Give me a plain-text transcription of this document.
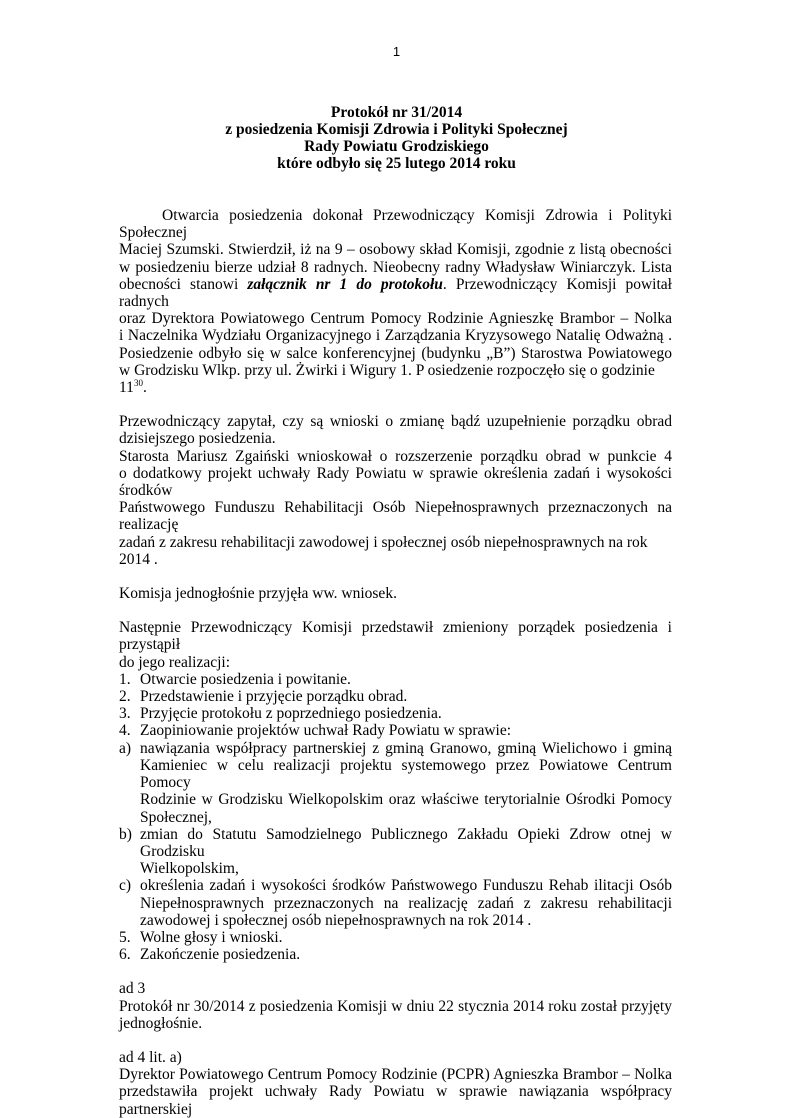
1
Protokół nr 31/2014
z posiedzenia Komisji Zdrowia i Polityki Społecznej
Rady Powiatu Grodziskiego
które odbyło się 25 lutego 2014 roku
Otwarcia posiedzenia dokonał Przewodniczący Komisji Zdrowia i Polityki Społecznej
Maciej Szumski. Stwierdził, iż na 9 – osobowy skład Komisji, zgodnie z listą obecności
w posiedzeniu bierze udział 8 radnych. Nieobecny radny Władysław Winiarczyk. Lista
obecności stanowi załącznik nr 1 do protokołu. Przewodniczący Komisji powitał radnych
oraz Dyrektora Powiatowego Centrum Pomocy Rodzinie Agnieszkę Brambor – Nolka
i Naczelnika Wydziału Organizacyjnego i Zarządzania Kryzysowego Natalię Odważną .
Posiedzenie odbyło się w salce konferencyjnej (budynku „B”) Starostwa Powiatowego
w Grodzisku Wlkp. przy ul. Żwirki i Wigury 1. P osiedzenie rozpoczęło się o godzinie $11^{30}$.
Przewodniczący zapytał, czy są wnioski o zmianę bądź uzupełnienie porządku obrad
dzisiejszego posiedzenia.
Starosta Mariusz Zgaiński wnioskował o rozszerzenie porządku obrad w punkcie 4
o dodatkowy projekt uchwały Rady Powiatu w sprawie określenia zadań i wysokości środków
Państwowego Funduszu Rehabilitacji Osób Niepełnosprawnych przeznaczonych na realizację
zadań z zakresu rehabilitacji zawodowej i społecznej osób niepełnosprawnych na rok 2014 .
Komisja jednogłośnie przyjęła ww. wniosek.
Następnie Przewodniczący Komisji przedstawił zmieniony porządek posiedzenia i przystąpił
do jego realizacji:
1. Otwarcie posiedzenia i powitanie.
2. Przedstawienie i przyjęcie porządku obrad.
3. Przyjęcie protokołu z poprzedniego posiedzenia.
4. Zaopiniowanie projektów uchwał Rady Powiatu w sprawie:
a) nawiązania współpracy partnerskiej z gminą Granowo, gminą Wielichowo i gminą
Kamieniec w celu realizacji projektu systemowego przez Powiatowe Centrum Pomocy
Rodzinie w Grodzisku Wielkopolskim oraz właściwe terytorialnie Ośrodki Pomocy
Społecznej,
b) zmian do Statutu Samodzielnego Publicznego Zakładu Opieki Zdrow otnej w Grodzisku
Wielkopolskim,
c) określenia zadań i wysokości środków Państwowego Funduszu Rehab ilitacji Osób
Niepełnosprawnych przeznaczonych na realizację zadań z zakresu rehabilitacji
zawodowej i społecznej osób niepełnosprawnych na rok 2014 .
5. Wolne głosy i wnioski.
6. Zakończenie posiedzenia.
ad 3
Protokół nr 30/2014 z posiedzenia Komisji w dniu 22 stycznia 2014 roku został przyjęty
jednogłośnie.
ad 4 lit. a)
Dyrektor Powiatowego Centrum Pomocy Rodzinie (PCPR) Agnieszka Brambor – Nolka
przedstawiła projekt uchwały Rady Powiatu w sprawie nawiązania współpracy partnerskiej
